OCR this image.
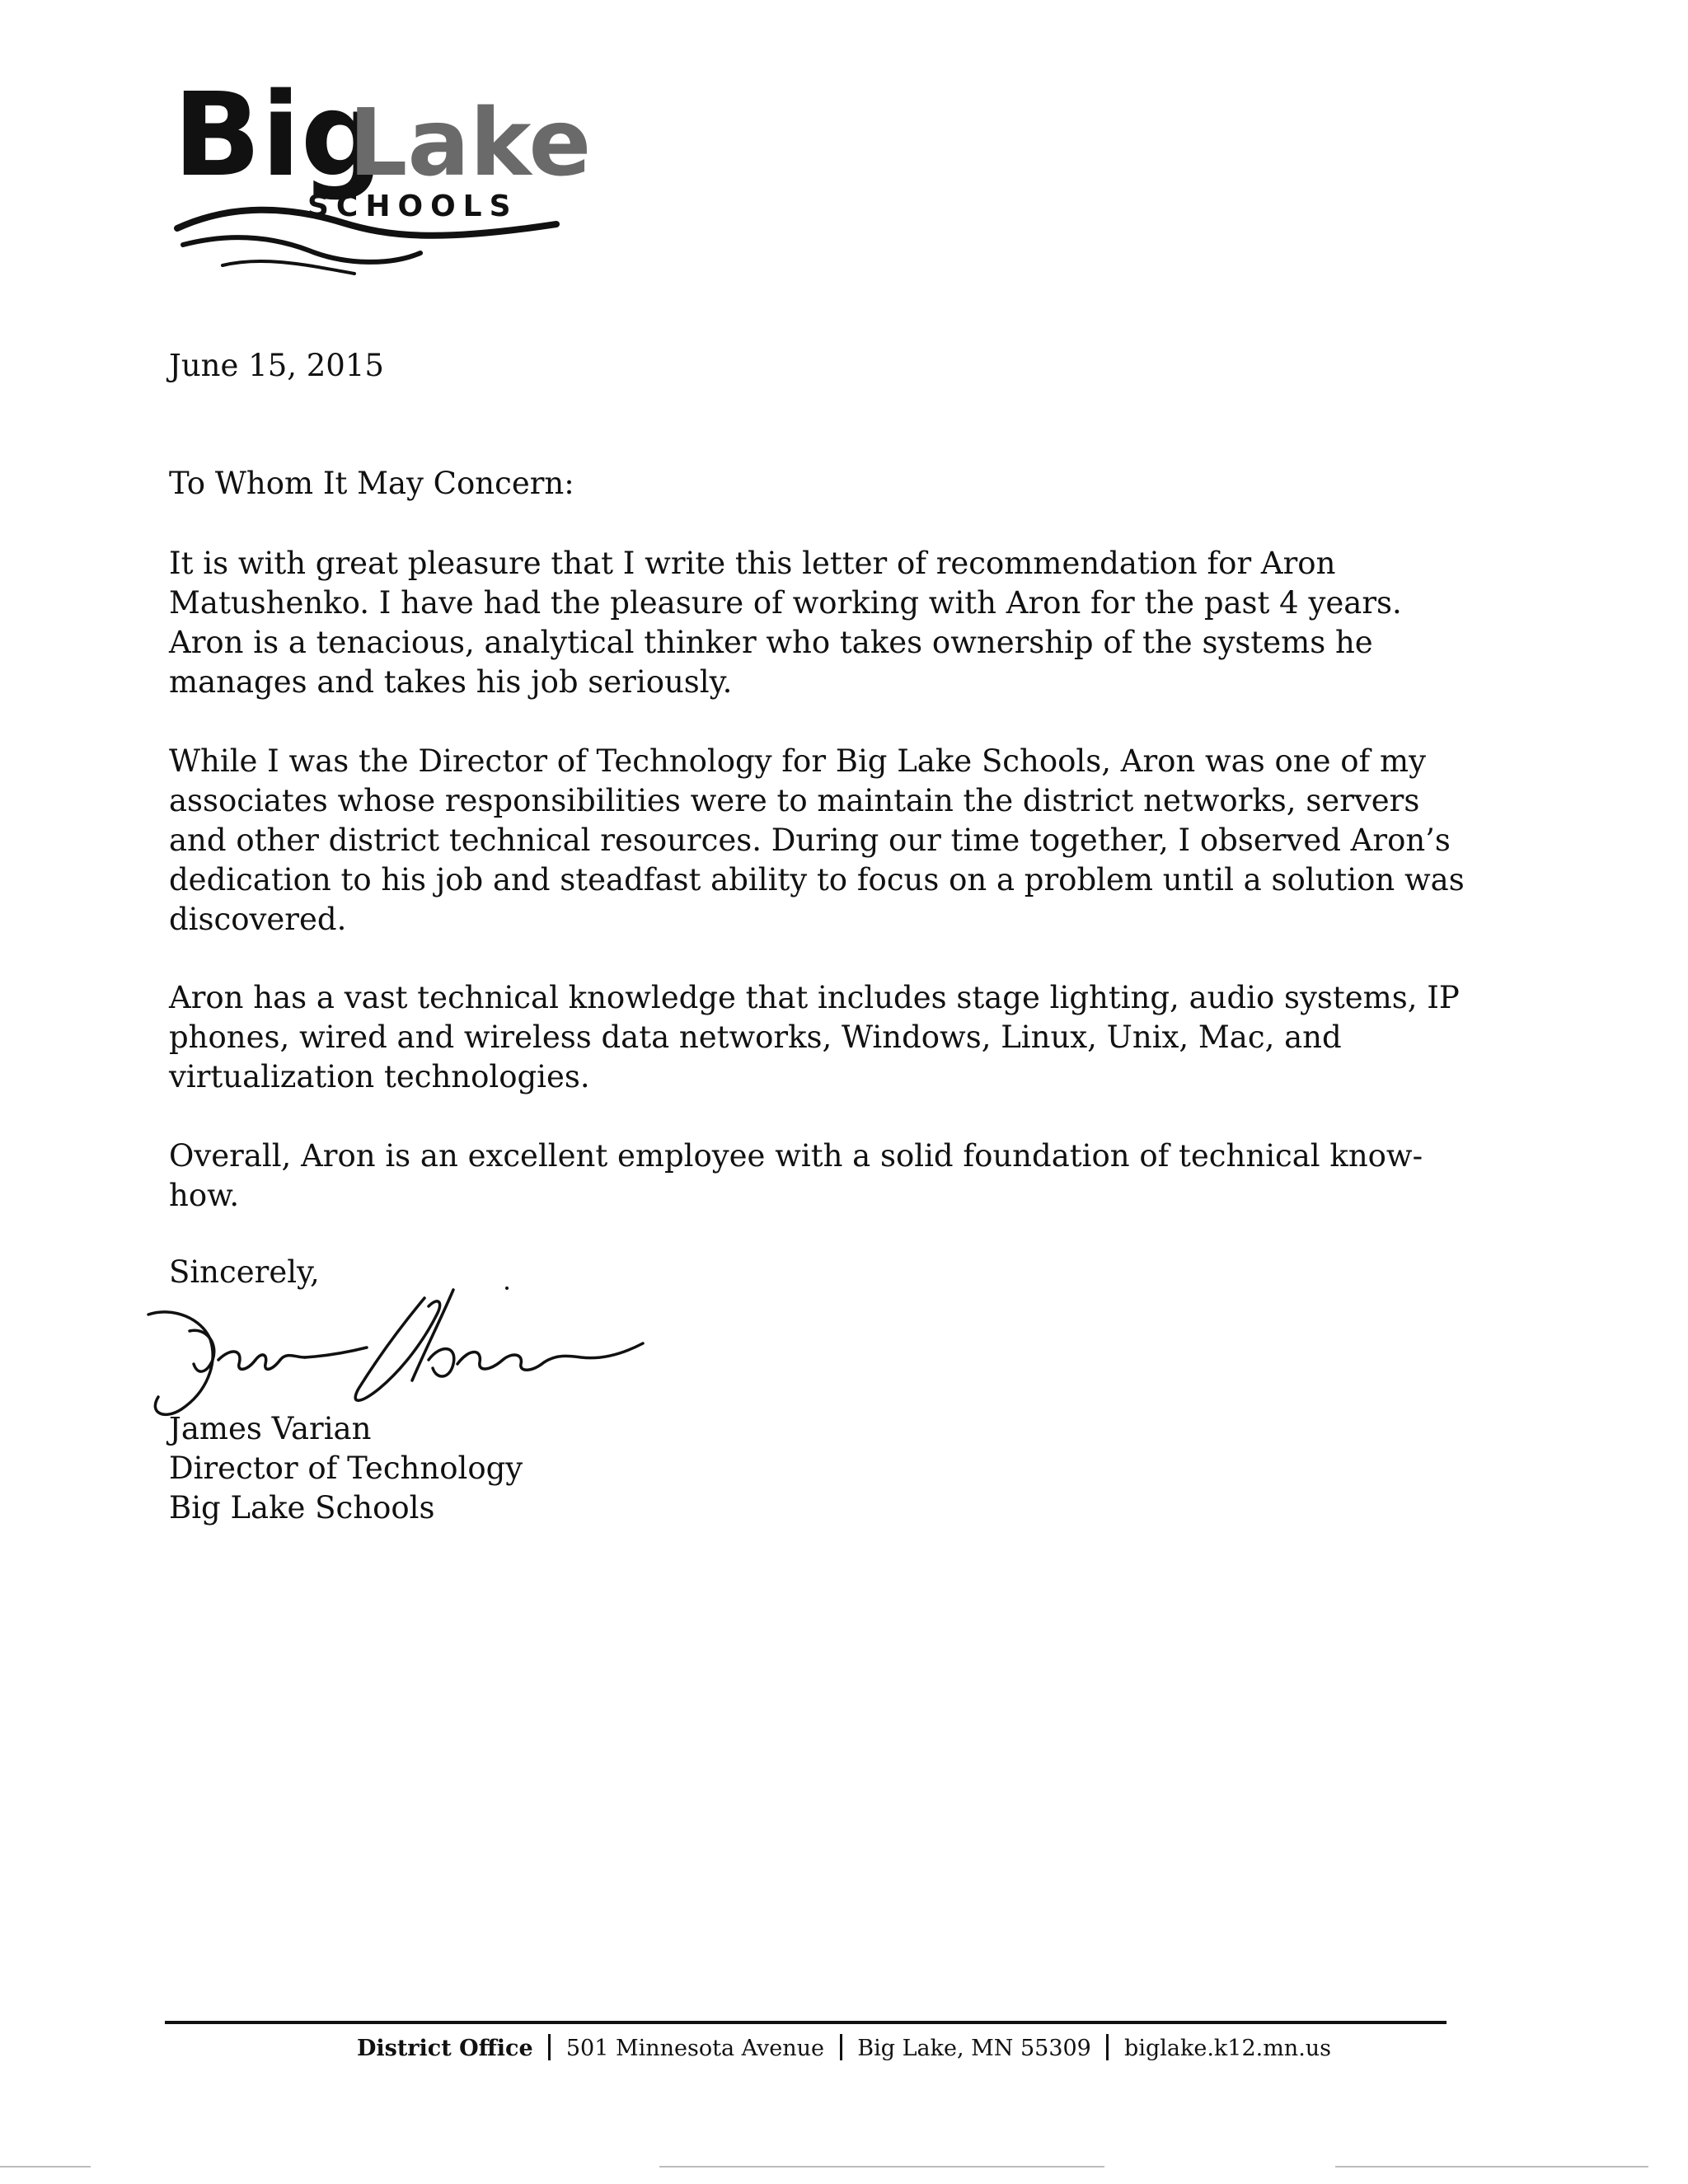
Big
Lake
SCHOOLS
June 15, 2015
To Whom It May Concern:
It is with great pleasure that I write this letter of recommendation for Aron
Matushenko. I have had the pleasure of working with Aron for the past 4 years.
Aron is a tenacious, analytical thinker who takes ownership of the systems he
manages and takes his job seriously.
While I was the Director of Technology for Big Lake Schools, Aron was one of my
associates whose responsibilities were to maintain the district networks, servers
and other district technical resources. During our time together, I observed Aron’s
dedication to his job and steadfast ability to focus on a problem until a solution was
discovered.
Aron has a vast technical knowledge that includes stage lighting, audio systems, IP
phones, wired and wireless data networks, Windows, Linux, Unix, Mac, and
virtualization technologies.
Overall, Aron is an excellent employee with a solid foundation of technical know-
how.
Sincerely,
James Varian
Director of Technology
Big Lake Schools
District Office 501 Minnesota Avenue Big Lake, MN 55309 biglake.k12.mn.us
